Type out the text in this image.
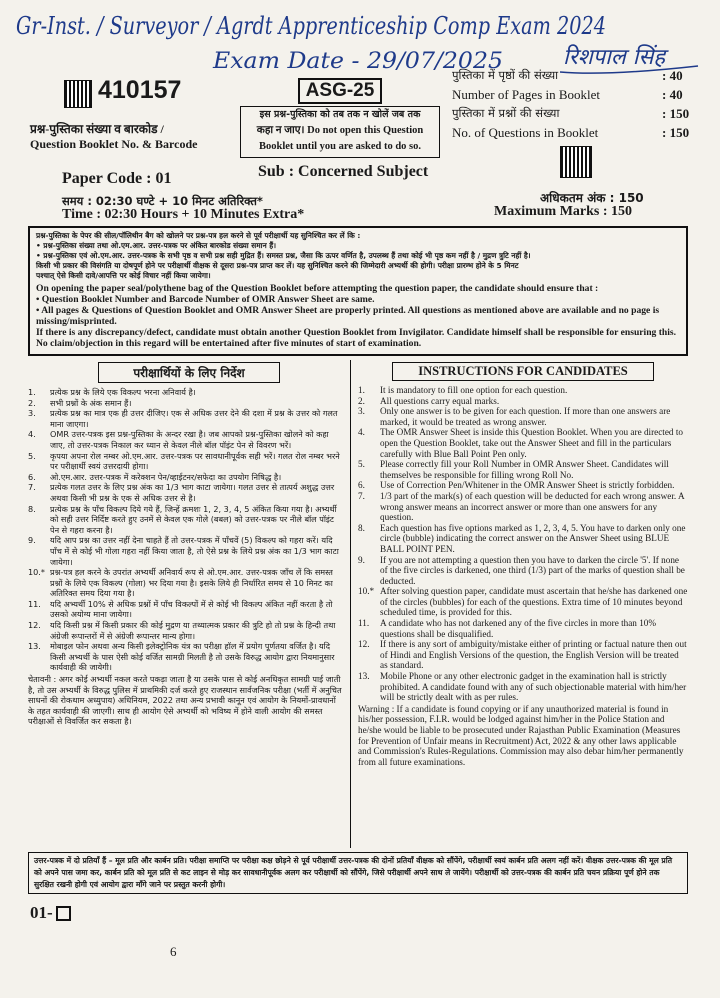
Gr-Inst. / Surveyor / Agrdt Apprenticeship Comp Exam 2024
Exam Date - 29/07/2025	रिशपाल सिंह
410157
प्रश्न-पुस्तिका संख्या व बारकोड /
Question Booklet No. & Barcode
ASG-25
इस प्रश्न-पुस्तिका को तब तक न खोलें जब तक
कहा न जाए। Do not open this Question
Booklet until you are asked to do so.
पुस्तिका में पृष्ठों की संख्या	: 40
Number of Pages in Booklet	: 40
पुस्तिका में प्रश्नों की संख्या	: 150
No. of Questions in Booklet	: 150
Paper Code : 01	Sub : Concerned Subject
समय : 02:30 घण्टे + 10 मिनट अतिरिक्त*
Time : 02:30 Hours + 10 Minutes Extra*
अधिकतम अंक : 150
Maximum Marks : 150
प्रश्न-पुस्तिका के पेपर की सील/पॉलिथीन बैग को खोलने पर प्रश्न-पत्र हल करने से पूर्व परीक्षार्थी यह सुनिश्चित कर लें कि :
• प्रश्न-पुस्तिका संख्या तथा ओ.एम.आर. उत्तर-पत्रक पर अंकित बारकोड संख्या समान हैं।
• प्रश्न-पुस्तिका एवं ओ.एम.आर. उत्तर-पत्रक के सभी पृष्ठ व सभी प्रश्न सही मुद्रित हैं। समस्त प्रश्न, जैसा कि ऊपर वर्णित है, उपलब्ध हैं तथा कोई भी पृष्ठ कम नहीं है / मुद्रण त्रुटि नहीं है।
किसी भी प्रकार की विसंगति या दोषपूर्ण होने पर परीक्षार्थी वीक्षक से दूसरा प्रश्न-पत्र प्राप्त कर लें। यह सुनिश्चित करने की जिम्मेदारी अभ्यर्थी की होगी। परीक्षा प्रारम्भ होने के 5 मिनट
पश्चात् ऐसे किसी दावे/आपत्ति पर कोई विचार नहीं किया जायेगा।
On opening the paper seal/polythene bag of the Question Booklet before attempting the question paper, the candidate should ensure that :
• Question Booklet Number and Barcode Number of OMR Answer Sheet are same.
• All pages & Questions of Question Booklet and OMR Answer Sheet are properly printed. All questions as mentioned above are available and no page is missing/misprinted.
If there is any discrepancy/defect, candidate must obtain another Question Booklet from Invigilator. Candidate himself shall be responsible for ensuring this. No claim/objection in this regard will be entertained after five minutes of start of examination.
परीक्षार्थियों के लिए निर्देश
1. प्रत्येक प्रश्न के लिये एक विकल्प भरना अनिवार्य है।
2. सभी प्रश्नों के अंक समान हैं।
3. प्रत्येक प्रश्न का मात्र एक ही उत्तर दीजिए। एक से अधिक उत्तर देने की दशा में प्रश्न के उत्तर को गलत माना जाएगा।
4. OMR उत्तर-पत्रक इस प्रश्न-पुस्तिका के अन्दर रखा है। जब आपको प्रश्न-पुस्तिका खोलने को कहा जाए, तो उत्तर-पत्रक निकाल कर ध्यान से केवल नीले बॉल पॉइंट पेन से विवरण भरें।
5. कृपया अपना रोल नम्बर ओ.एम.आर. उत्तर-पत्रक पर सावधानीपूर्वक सही भरें। गलत रोल नम्बर भरने पर परीक्षार्थी स्वयं उत्तरदायी होगा।
6. ओ.एम.आर. उत्तर-पत्रक में करेक्शन पेन/व्हाईटनर/सफेदा का उपयोग निषिद्ध है।
7. प्रत्येक गलत उत्तर के लिए प्रश्न अंक का 1/3 भाग काटा जायेगा। गलत उत्तर से तात्पर्य अशुद्ध उत्तर अथवा किसी भी प्रश्न के एक से अधिक उत्तर से है।
8. प्रत्येक प्रश्न के पाँच विकल्प दिये गये हैं, जिन्हें क्रमशः 1, 2, 3, 4, 5 अंकित किया गया है। अभ्यर्थी को सही उत्तर निर्दिष्ट करते हुए उनमें से केवल एक गोले (बबल) को उत्तर-पत्रक पर नीले बॉल पॉइंट पेन से गहरा करना है।
9. यदि आप प्रश्न का उत्तर नहीं देना चाहते हैं तो उत्तर-पत्रक में पाँचवें (5) विकल्प को गहरा करें। यदि पाँच में से कोई भी गोला गहरा नहीं किया जाता है, तो ऐसे प्रश्न के लिये प्रश्न अंक का 1/3 भाग काटा जायेगा।
10.* प्रश्न-पत्र हल करने के उपरांत अभ्यर्थी अनिवार्य रूप से ओ.एम.आर. उत्तर-पत्रक जाँच लें कि समस्त प्रश्नों के लिये एक विकल्प (गोला) भर दिया गया है। इसके लिये ही निर्धारित समय से 10 मिनट का अतिरिक्त समय दिया गया है।
11. यदि अभ्यर्थी 10% से अधिक प्रश्नों में पाँच विकल्पों में से कोई भी विकल्प अंकित नहीं करता है तो उसको अयोग्य माना जायेगा।
12. यदि किसी प्रश्न में किसी प्रकार की कोई मुद्रण या तथ्यात्मक प्रकार की त्रुटि हो तो प्रश्न के हिन्दी तथा अंग्रेजी रूपान्तरों में से अंग्रेजी रूपान्तर मान्य होगा।
13. मोबाइल फोन अथवा अन्य किसी इलेक्ट्रोनिक यंत्र का परीक्षा हॉल में प्रयोग पूर्णतया वर्जित है। यदि किसी अभ्यर्थी के पास ऐसी कोई वर्जित सामग्री मिलती है तो उसके विरुद्ध आयोग द्वारा नियमानुसार कार्यवाही की जायेगी।
चेतावनी : अगर कोई अभ्यर्थी नकल करते पकड़ा जाता है या उसके पास से कोई अनधिकृत सामग्री पाई जाती है, तो उस अभ्यर्थी के विरुद्ध पुलिस में प्राथमिकी दर्ज करते हुए राजस्थान सार्वजनिक परीक्षा (भर्ती में अनुचित साधनों की रोकथाम अध्युपाय) अधिनियम, 2022 तथा अन्य प्रभावी कानून एवं आयोग के नियमों-प्रावधानों के तहत कार्यवाही की जाएगी। साथ ही आयोग ऐसे अभ्यर्थी को भविष्य में होने वाली आयोग की समस्त परीक्षाओं से विवर्जित कर सकता है।
INSTRUCTIONS FOR CANDIDATES
1. It is mandatory to fill one option for each question.
2. All questions carry equal marks.
3. Only one answer is to be given for each question. If more than one answers are marked, it would be treated as wrong answer.
4. The OMR Answer Sheet is inside this Question Booklet. When you are directed to open the Question Booklet, take out the Answer Sheet and fill in the particulars carefully with Blue Ball Point Pen only.
5. Please correctly fill your Roll Number in OMR Answer Sheet. Candidates will themselves be responsible for filling wrong Roll No.
6. Use of Correction Pen/Whitener in the OMR Answer Sheet is strictly forbidden.
7. 1/3 part of the mark(s) of each question will be deducted for each wrong answer. A wrong answer means an incorrect answer or more than one answers for any question.
8. Each question has five options marked as 1, 2, 3, 4, 5. You have to darken only one circle (bubble) indicating the correct answer on the Answer Sheet using BLUE BALL POINT PEN.
9. If you are not attempting a question then you have to darken the circle '5'. If none of the five circles is darkened, one third (1/3) part of the marks of question shall be deducted.
10.* After solving question paper, candidate must ascertain that he/she has darkened one of the circles (bubbles) for each of the questions. Extra time of 10 minutes beyond scheduled time, is provided for this.
11. A candidate who has not darkened any of the five circles in more than 10% questions shall be disqualified.
12. If there is any sort of ambiguity/mistake either of printing or factual nature then out of Hindi and English Versions of the question, the English Version will be treated as standard.
13. Mobile Phone or any other electronic gadget in the examination hall is strictly prohibited. A candidate found with any of such objectionable material with him/her will be strictly dealt with as per rules.
Warning : If a candidate is found copying or if any unauthorized material is found in his/her possession, F.I.R. would be lodged against him/her in the Police Station and he/she would be liable to be prosecuted under Rajasthan Public Examination (Measures for Prevention of Unfair means in Recruitment) Act, 2022 & any other laws applicable and Commission's Rules-Regulations. Commission may also debar him/her permanently from all future examinations.
उत्तर-पत्रक में दो प्रतियाँ हैं – मूल प्रति और कार्बन प्रति। परीक्षा समाप्ति पर परीक्षा कक्ष छोड़ने से पूर्व परीक्षार्थी उत्तर-पत्रक की दोनों प्रतियाँ वीक्षक को सौंपेंगे, परीक्षार्थी स्वयं कार्बन प्रति अलग नहीं करें। वीक्षक उत्तर-पत्रक की मूल प्रति को अपने पास जमा कर, कार्बन प्रति को मूल प्रति से कट लाइन से मोड़ कर सावधानीपूर्वक अलग कर परीक्षार्थी को सौंपेंगे, जिसे परीक्षार्थी अपने साथ ले जायेंगे। परीक्षार्थी को उत्तर-पत्रक की कार्बन प्रति चयन प्रक्रिया पूर्ण होने तक सुरक्षित रखनी होगी एवं आयोग द्वारा माँगे जाने पर प्रस्तुत करनी होगी।
01-
6
